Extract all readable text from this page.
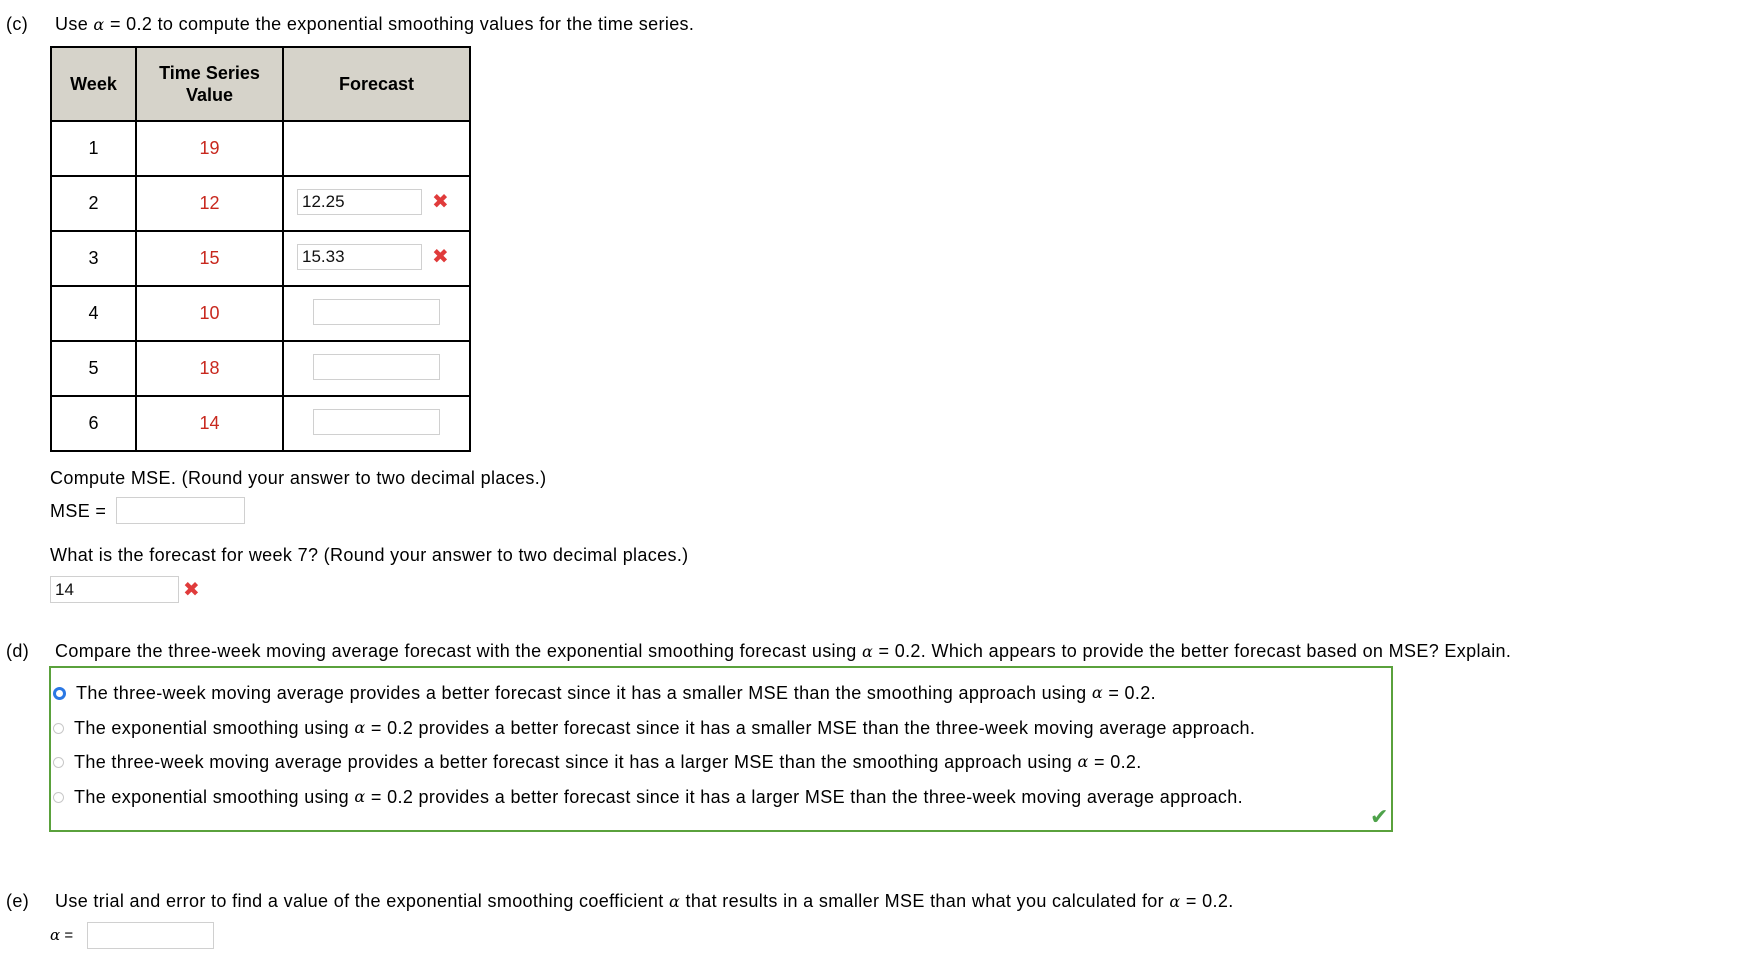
(c) Use α = 0.2 to compute the exponential smoothing values for the time series.
Week	Time Series Value	Forecast
1	19	
2	12	12.25 ✖

3	15	15.33 ✖

4	10	

5	18	

6	14	
Compute MSE. (Round your answer to two decimal places.)
MSE =
What is the forecast for week 7? (Round your answer to two decimal places.)
14	✖
(d) Compare the three-week moving average forecast with the exponential smoothing forecast using α = 0.2. Which appears to provide the better forecast based on MSE? Explain.
The three-week moving average provides a better forecast since it has a smaller MSE than the smoothing approach using
α
= 0.2.
The exponential smoothing using
α
= 0.2 provides a better forecast since it has a smaller MSE than the three-week moving average approach.
The three-week moving average provides a better forecast since it has a larger MSE than the smoothing approach using
α
= 0.2.
The exponential smoothing using
α
= 0.2 provides a better forecast since it has a larger MSE than the three-week moving average approach.
✔
(e) Use trial and error to find a value of the exponential smoothing coefficient α that results in a smaller MSE than what you calculated for α = 0.2.
α =
